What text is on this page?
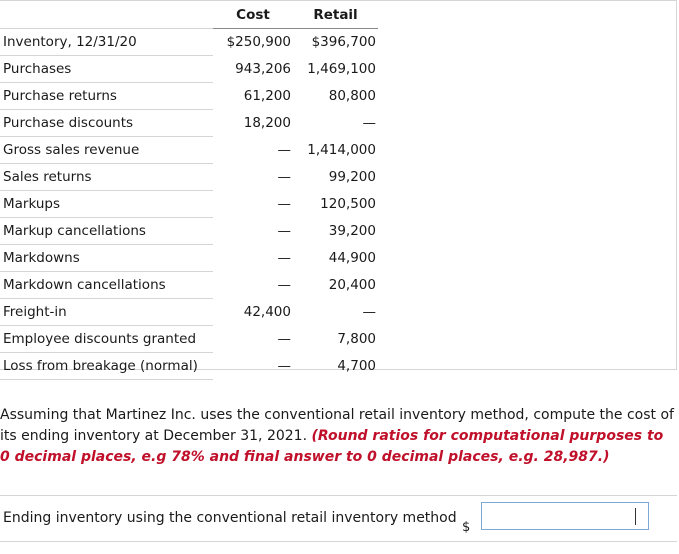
	Cost	Retail
Inventory, 12/31/20	$250,900	$396,700
Purchases	943,206	1,469,100
Purchase returns	61,200	80,800
Purchase discounts	18,200	—
Gross sales revenue	—	1,414,000
Sales returns	—	99,200
Markups	—	120,500
Markup cancellations	—	39,200
Markdowns	—	44,900
Markdown cancellations	—	20,400
Freight-in	42,400	—
Employee discounts granted	—	7,800
Loss from breakage (normal)	—	4,700
Assuming that Martinez Inc. uses the conventional retail inventory method, compute the cost of its ending inventory at December 31, 2021. (Round ratios for computational purposes to 0 decimal places, e.g 78% and final answer to 0 decimal places, e.g. 28,987.)
Ending inventory using the conventional retail inventory method
$
